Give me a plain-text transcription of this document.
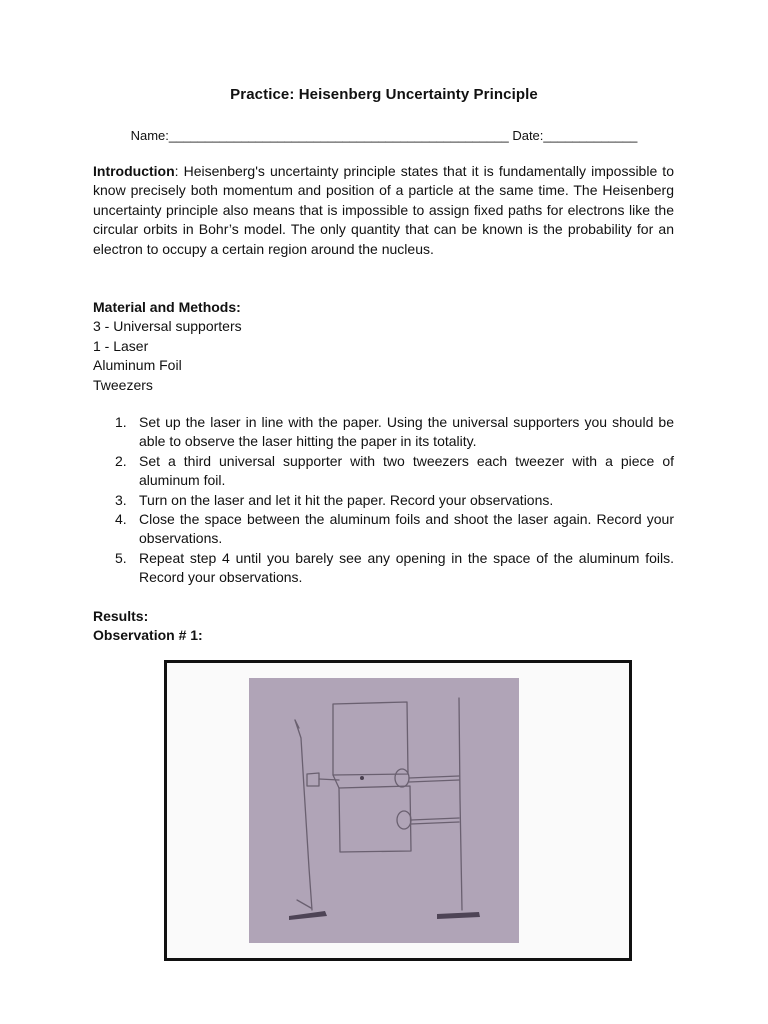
Practice: Heisenberg Uncertainty Principle
Name:_______________________________________________ Date:_____________
Introduction: Heisenberg's uncertainty principle states that it is fundamentally impossible to know precisely both momentum and position of a particle at the same time. The Heisenberg uncertainty principle also means that is impossible to assign fixed paths for electrons like the circular orbits in Bohr’s model. The only quantity that can be known is the probability for an electron to occupy a certain region around the nucleus.
Material and Methods:
3 - Universal supporters
1 - Laser
Aluminum Foil
Tweezers
1. Set up the laser in line with the paper. Using the universal supporters you should be able to observe the laser hitting the paper in its totality.
2. Set a third universal supporter with two tweezers each tweezer with a piece of aluminum foil.
3. Turn on the laser and let it hit the paper. Record your observations.
4. Close the space between the aluminum foils and shoot the laser again. Record your observations.
5. Repeat step 4 until you barely see any opening in the space of the aluminum foils. Record your observations.
Results:
Observation # 1:
